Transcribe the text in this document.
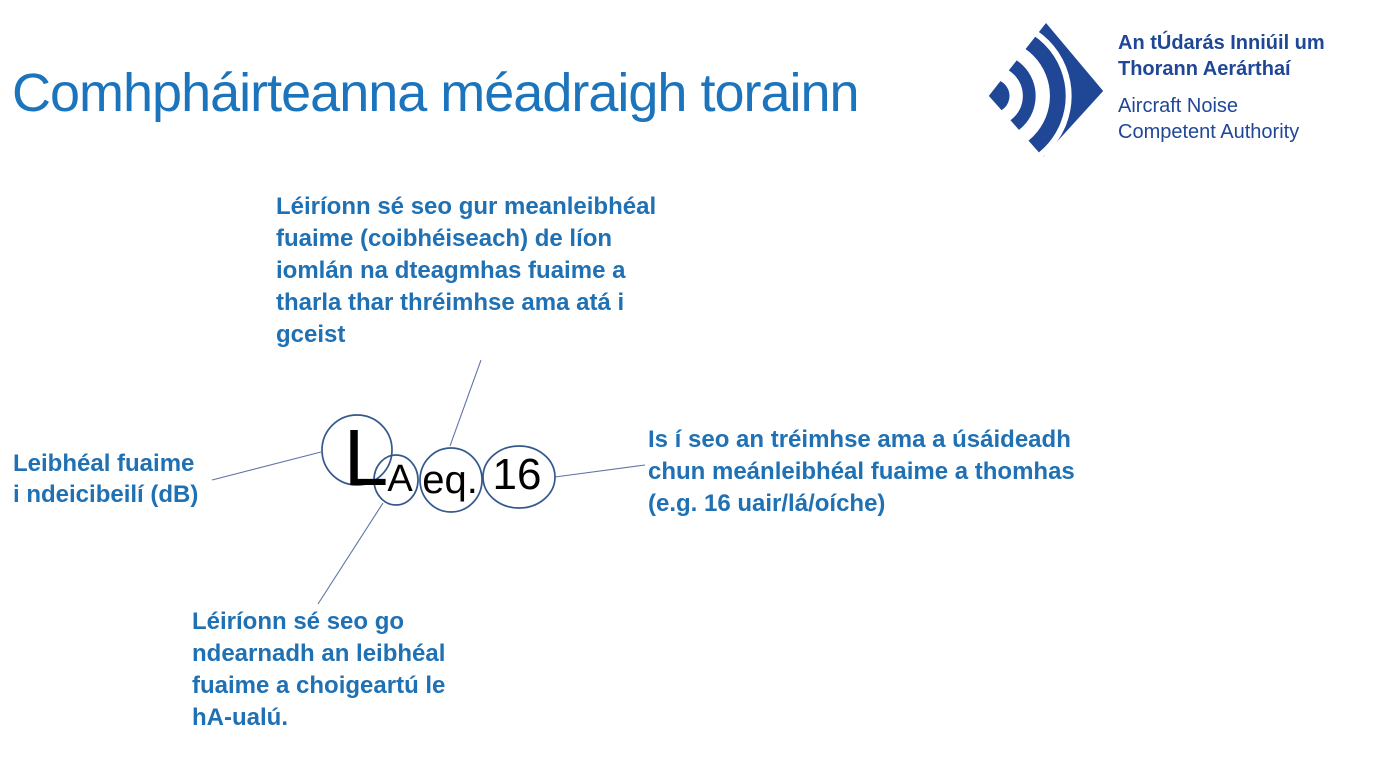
Comhpháirteanna méadraigh torainn
An tÚdarás Inniúil um
Thorann Aerárthaí
Aircraft Noise
Competent Authority
L A eq. 16
Léiríonn sé seo gur meanleibhéal
fuaime (coibhéiseach) de líon
iomlán na dteagmhas fuaime a
tharla thar thréimhse ama atá i
gceist
Leibhéal fuaime
i ndeicibeilí (dB)
Is í seo an tréimhse ama a úsáideadh
chun meánleibhéal fuaime a thomhas
(e.g. 16 uair/lá/oíche)
Léiríonn sé seo go
ndearnadh an leibhéal
fuaime a choigeartú le
hA-ualú.
